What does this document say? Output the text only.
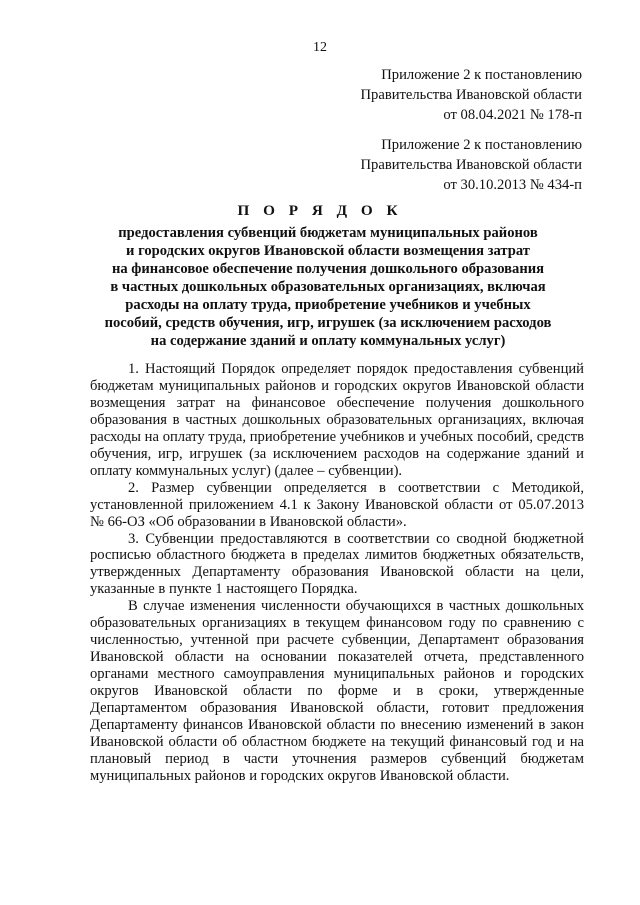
12
Приложение 2 к постановлению
Правительства Ивановской области
от 08.04.2021 № 178-п
Приложение 2 к постановлению
Правительства Ивановской области
от 30.10.2013 № 434-п
П О Р Я Д О К
предоставления субвенций бюджетам муниципальных районов
и городских округов Ивановской области возмещения затрат
на финансовое обеспечение получения дошкольного образования
в частных дошкольных образовательных организациях, включая
расходы на оплату труда, приобретение учебников и учебных
пособий, средств обучения, игр, игрушек (за исключением расходов
на содержание зданий и оплату коммунальных услуг)

1. Настоящий Порядок определяет порядок предоставления субвенций бюджетам муниципальных районов и городских округов Ивановской области возмещения затрат на финансовое обеспечение получения дошкольного образования в частных дошкольных образовательных организациях, включая расходы на оплату труда, приобретение учебников и учебных пособий, средств обучения, игр, игрушек (за исключением расходов на содержание зданий и оплату коммунальных услуг) (далее – субвенции).

2. Размер субвенции определяется в соответствии с Методикой, установленной приложением 4.1 к Закону Ивановской области от 05.07.2013 № 66-ОЗ «Об образовании в Ивановской области».

3. Субвенции предоставляются в соответствии со сводной бюджетной росписью областного бюджета в пределах лимитов бюджетных обязательств, утвержденных Департаменту образования Ивановской области на цели, указанные в пункте 1 настоящего Порядка.

В случае изменения численности обучающихся в частных дошкольных образовательных организациях в текущем финансовом году по сравнению с численностью, учтенной при расчете субвенции, Департамент образования Ивановской области на основании показателей отчета, представленного органами местного самоуправления муниципальных районов и городских округов Ивановской области по форме и в сроки, утвержденные Департаментом образования Ивановской области, готовит предложения Департаменту финансов Ивановской области по внесению изменений в закон Ивановской области об областном бюджете на текущий финансовый год и на плановый период в части уточнения размеров субвенций бюджетам муниципальных районов и городских округов Ивановской области.
